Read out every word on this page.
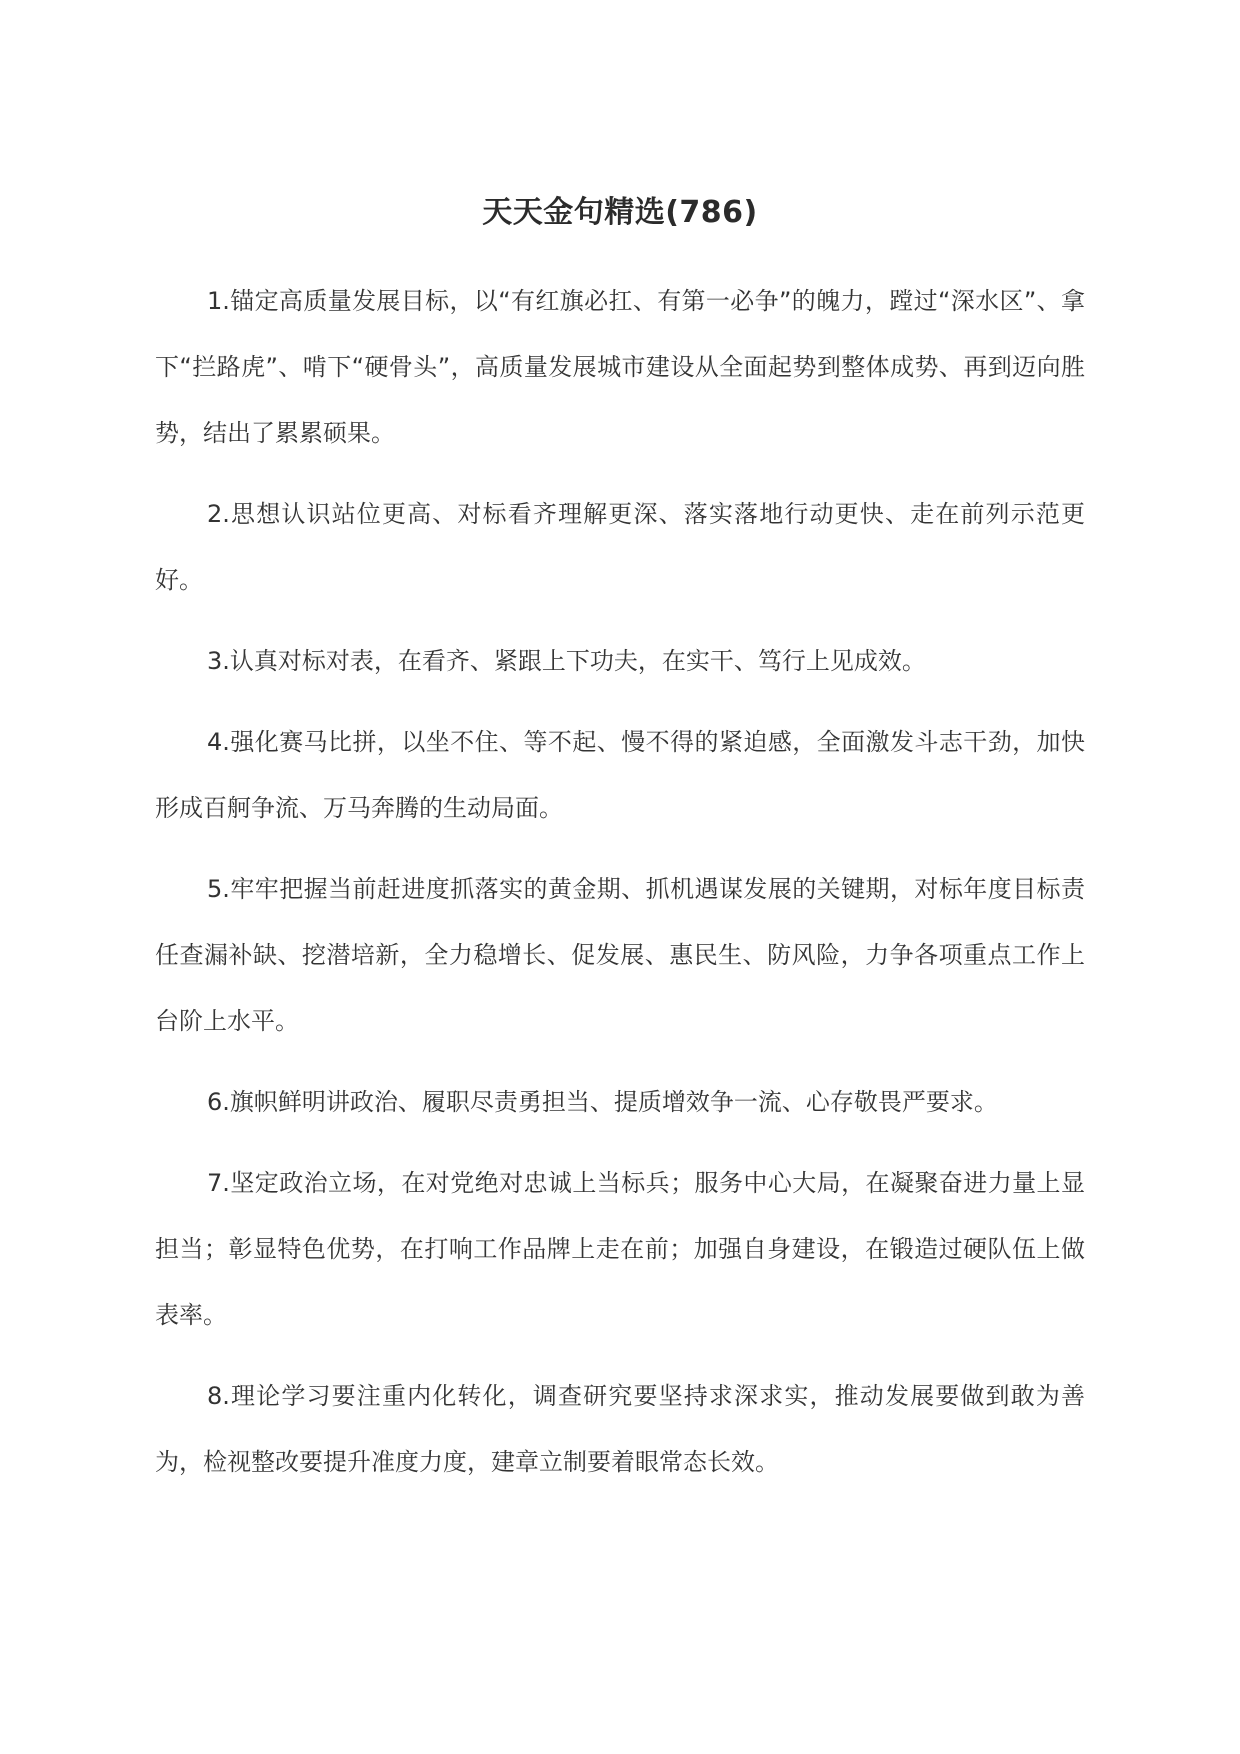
天天金句精选(786)

1.锚定高质量发展目标，以“有红旗必扛、有第一必争”的魄力，蹚过“深水区”、拿下“拦路虎”、啃下“硬骨头”，高质量发展城市建设从全面起势到整体成势、再到迈向胜势，结出了累累硕果。

2.思想认识站位更高、对标看齐理解更深、落实落地行动更快、走在前列示范更好。

3.认真对标对表，在看齐、紧跟上下功夫，在实干、笃行上见成效。

4.强化赛马比拼，以坐不住、等不起、慢不得的紧迫感，全面激发斗志干劲，加快形成百舸争流、万马奔腾的生动局面。

5.牢牢把握当前赶进度抓落实的黄金期、抓机遇谋发展的关键期，对标年度目标责任查漏补缺、挖潜培新，全力稳增长、促发展、惠民生、防风险，力争各项重点工作上台阶上水平。

6.旗帜鲜明讲政治、履职尽责勇担当、提质增效争一流、心存敬畏严要求。

7.坚定政治立场，在对党绝对忠诚上当标兵；服务中心大局，在凝聚奋进力量上显担当；彰显特色优势，在打响工作品牌上走在前；加强自身建设，在锻造过硬队伍上做表率。

8.理论学习要注重内化转化，调查研究要坚持求深求实，推动发展要做到敢为善为，检视整改要提升准度力度，建章立制要着眼常态长效。
